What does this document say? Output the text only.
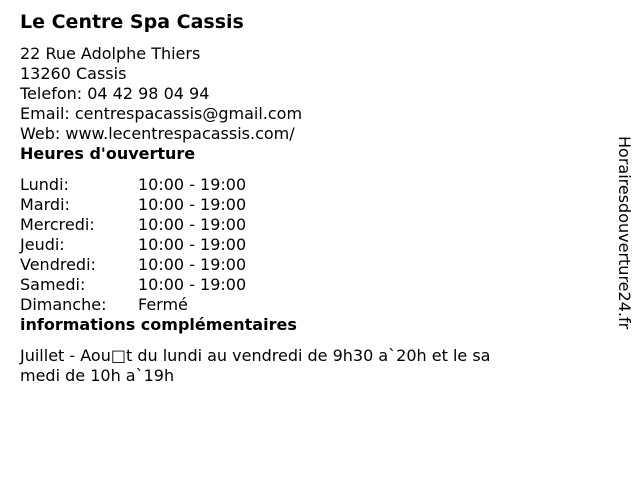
Le Centre Spa Cassis
22 Rue Adolphe Thiers
13260 Cassis
Telefon: 04 42 98 04 94
Email: centrespacassis@gmail.com
Web: www.lecentrespacassis.com/
Heures d'ouverture
Lundi:	10:00 - 19:00
Mardi:	10:00 - 19:00
Mercredi:	10:00 - 19:00
Jeudi:	10:00 - 19:00
Vendredi:	10:00 - 19:00
Samedi:	10:00 - 19:00
Dimanche:	Fermé
informations complémentaires
Juillet - Aou□t du lundi au vendredi de 9h30 a`20h et le sa
medi de 10h a`19h
Horairesdouverture24.fr
